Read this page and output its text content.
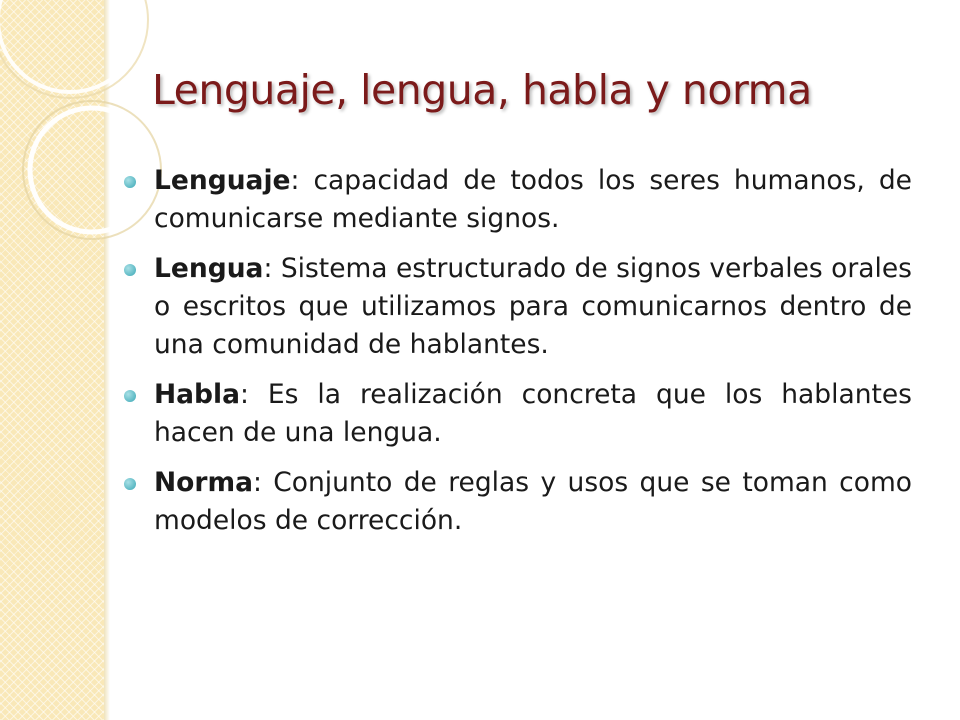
Lenguaje, lengua, habla y norma
Lenguaje: capacidad de todos los seres humanos, de comunicarse mediante signos.
Lengua: Sistema estructurado de signos verbales orales o escritos que utilizamos para comunicarnos dentro de una comunidad de hablantes.
Habla: Es la realización concreta que los hablantes hacen de una lengua.
Norma: Conjunto de reglas y usos que se toman como modelos de corrección.
